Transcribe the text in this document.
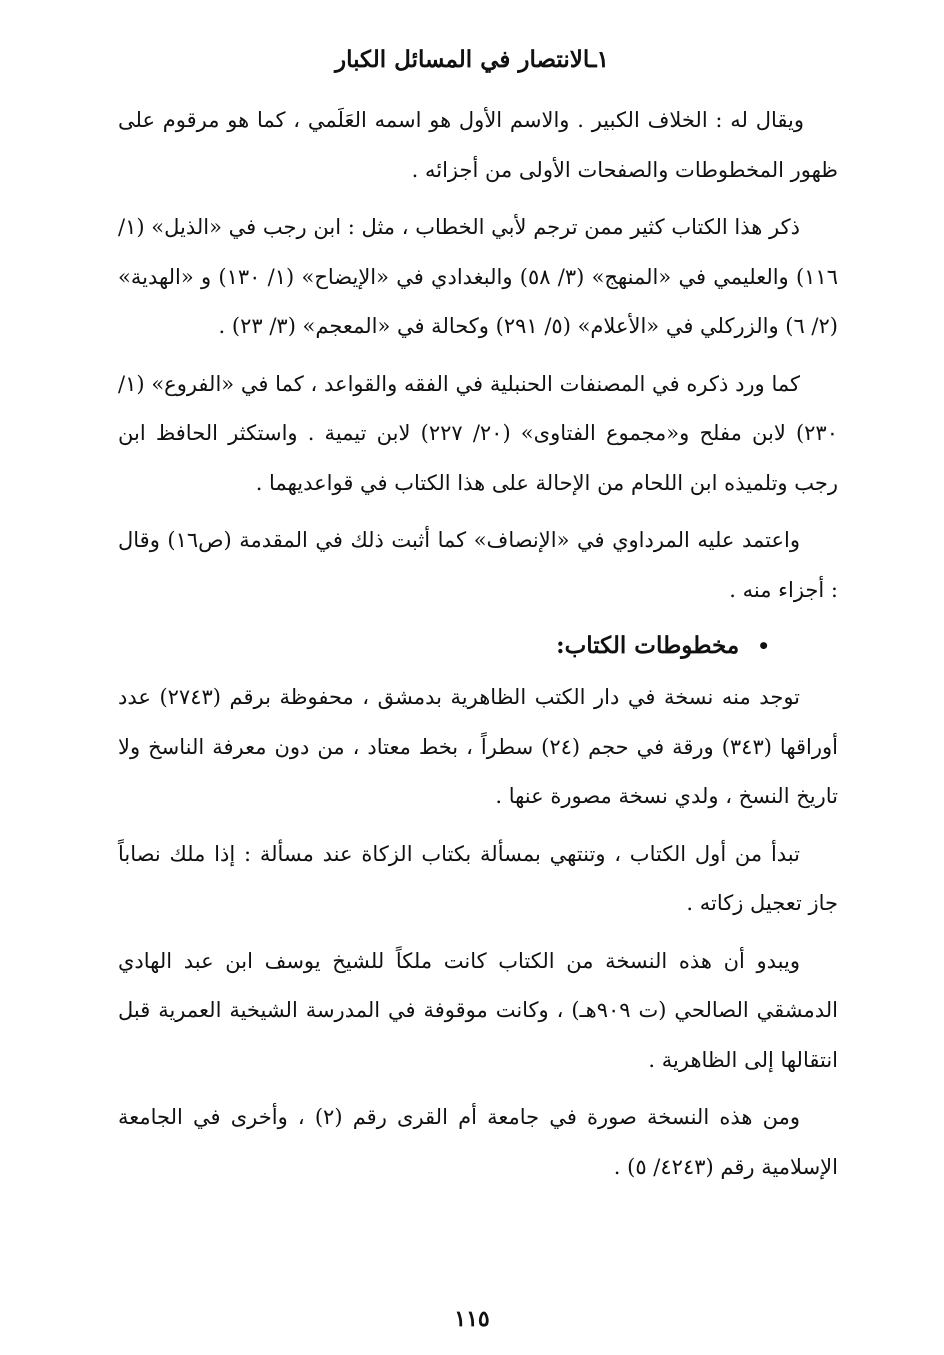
١ـالانتصار في المسائل الكبار

ويقال له : الخلاف الكبير . والاسم الأول هو اسمه العَلَمي ، كما هو مرقوم على ظهور المخطوطات والصفحات الأولى من أجزائه .

ذكر هذا الكتاب كثير ممن ترجم لأبي الخطاب ، مثل : ابن رجب في «الذيل» (١/ ١١٦) والعليمي في «المنهج» (٣/ ٥٨) والبغدادي في «الإيضاح» (١/ ١٣٠) و «الهدية» (٢/ ٦) والزركلي في «الأعلام» (٥/ ٢٩١) وكحالة في «المعجم» (٣/ ٢٣) .

كما ورد ذكره في المصنفات الحنبلية في الفقه والقواعد ، كما في «الفروع» (١/ ٢٣٠) لابن مفلح و«مجموع الفتاوى» (٢٠/ ٢٢٧) لابن تيمية . واستكثر الحافظ ابن رجب وتلميذه ابن اللحام من الإحالة على هذا الكتاب في قواعديهما .

واعتمد عليه المرداوي في «الإنصاف» كما أثبت ذلك في المقدمة (ص١٦) وقال : أجزاء منه .

• مخطوطات الكتاب:

توجد منه نسخة في دار الكتب الظاهرية بدمشق ، محفوظة برقم (٢٧٤٣) عدد أوراقها (٣٤٣) ورقة في حجم (٢٤) سطراً ، بخط معتاد ، من دون معرفة الناسخ ولا تاريخ النسخ ، ولدي نسخة مصورة عنها .

تبدأ من أول الكتاب ، وتنتهي بمسألة بكتاب الزكاة عند مسألة : إذا ملك نصاباً جاز تعجيل زكاته .

ويبدو أن هذه النسخة من الكتاب كانت ملكاً للشيخ يوسف ابن عبد الهادي الدمشقي الصالحي (ت ٩٠٩هـ) ، وكانت موقوفة في المدرسة الشيخية العمرية قبل انتقالها إلى الظاهرية .

ومن هذه النسخة صورة في جامعة أم القرى رقم (٢) ، وأخرى في الجامعة الإسلامية رقم (٤٢٤٣/ ٥) .

١١٥
